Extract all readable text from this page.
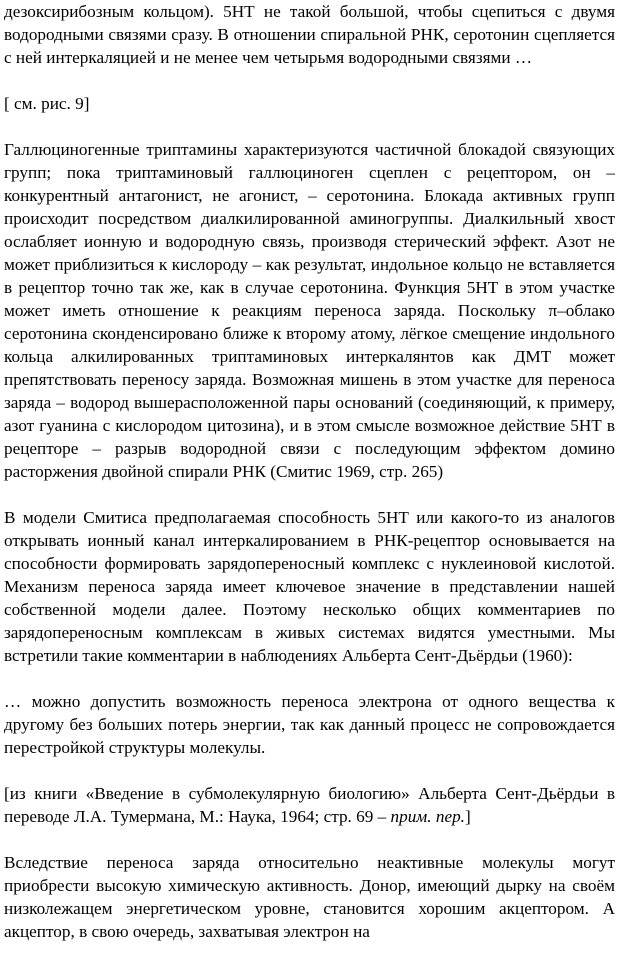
дезоксирибозным кольцом). 5НТ не такой большой, чтобы сцепиться с двумя водородными связями сразу. В отношении спиральной РНК, серотонин сцепляется с ней интеркаляцией и не менее чем четырьмя водородными связями …

[ см. рис. 9]

Галлюциногенные триптамины характеризуются частичной блокадой связующих групп; пока триптаминовый галлюциноген сцеплен с рецептором, он – конкурентный антагонист, не агонист, – серотонина. Блокада активных групп происходит посредством диалкилированной аминогруппы. Диалкильный хвост ослабляет ионную и водородную связь, производя стерический эффект. Азот не может приблизиться к кислороду – как результат, индольное кольцо не вставляется в рецептор точно так же, как в случае серотонина. Функция 5НТ в этом участке может иметь отношение к реакциям переноса заряда. Поскольку π–облако серотонина сконденсировано ближе к второму атому, лёгкое смещение индольного кольца алкилированных триптаминовых интеркалянтов как ДМТ может препятствовать переносу заряда. Возможная мишень в этом участке для переноса заряда – водород вышерасположенной пары оснований (соединяющий, к примеру, азот гуанина с кислородом цитозина), и в этом смысле возможное действие 5НТ в рецепторе – разрыв водородной связи с последующим эффектом домино расторжения двойной спирали РНК (Смитис 1969, стр. 265)

В модели Смитиса предполагаемая способность 5НТ или какого-то из аналогов открывать ионный канал интеркалированием в РНК-рецептор основывается на способности формировать зарядопереносный комплекс с нуклеиновой кислотой. Механизм переноса заряда имеет ключевое значение в представлении нашей собственной модели далее. Поэтому несколько общих комментариев по зарядопереносным комплексам в живых системах видятся уместными. Мы встретили такие комментарии в наблюдениях Альберта Сент-Дьёрдьи (1960):

… можно допустить возможность переноса электрона от одного вещества к другому без больших потерь энергии, так как данный процесс не сопровождается перестройкой структуры молекулы.

[из книги «Введение в субмолекулярную биологию» Альберта Сент-Дьёрдьи в переводе Л.А. Тумермана, М.: Наука, 1964; стр. 69 – прим. пер.]

Вследствие переноса заряда относительно неактивные молекулы могут приобрести высокую химическую активность. Донор, имеющий дырку на своём низколежащем энергетическом уровне, становится хорошим акцептором. А акцептор, в свою очередь, захватывая электрон на
